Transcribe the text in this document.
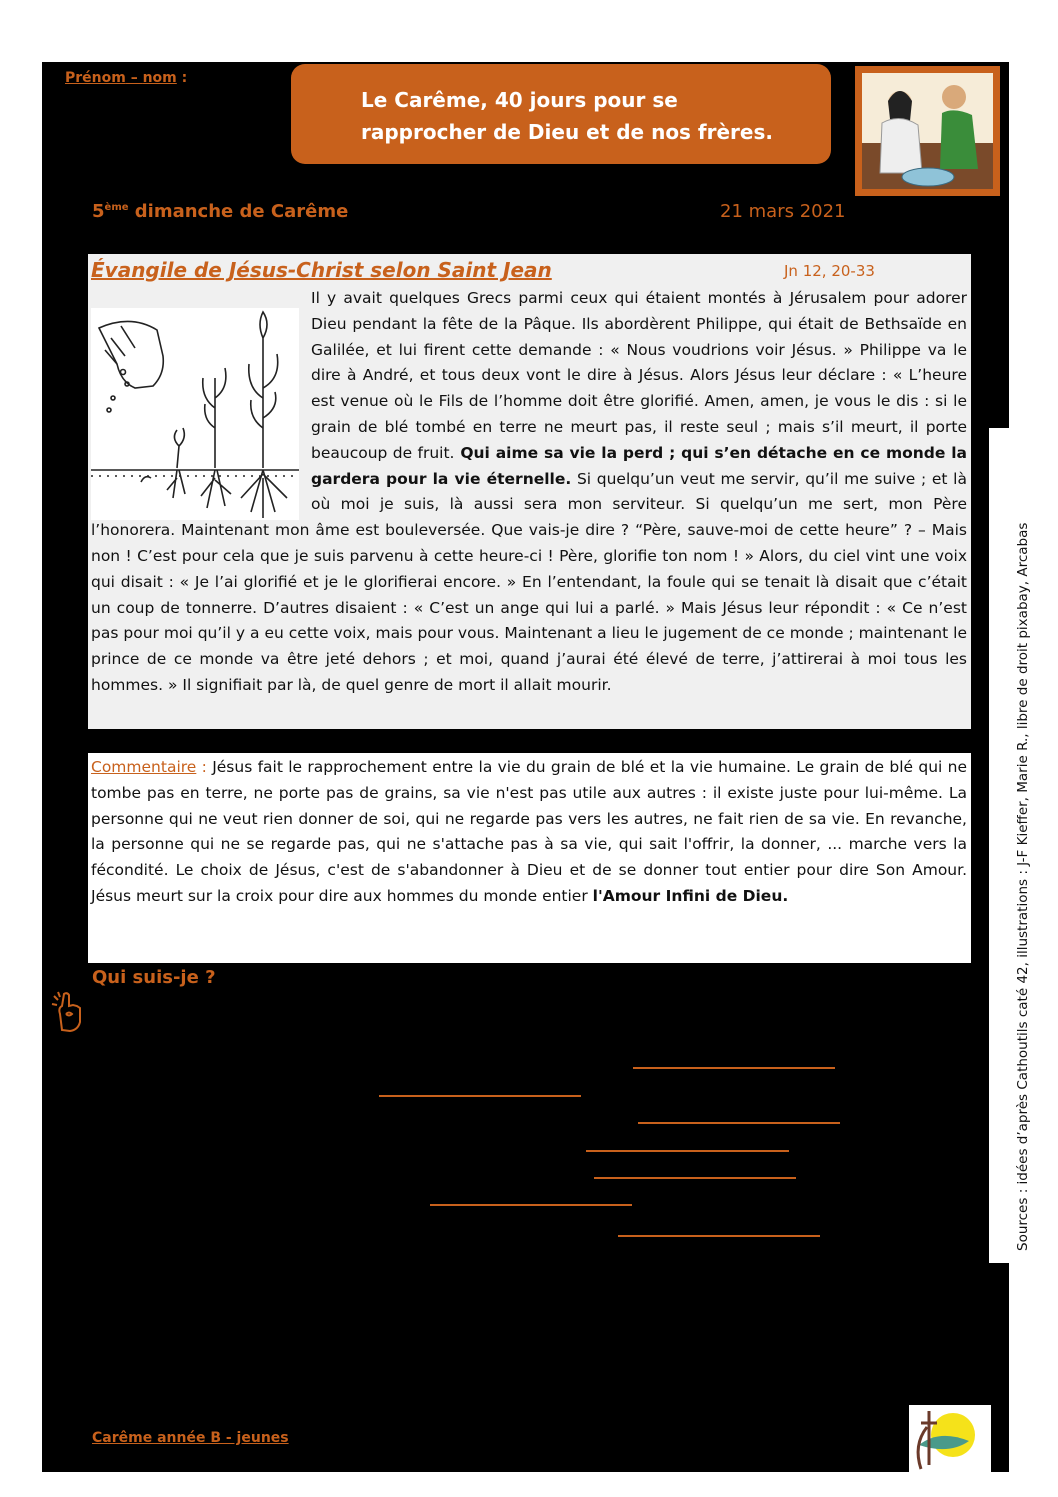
Prénom – nom :
Le Carême, 40 jours pour se
rapprocher de Dieu et de nos frères.
5ème dimanche de Carême	21 mars 2021
Évangile de Jésus-Christ selon Saint Jean	Jn 12, 20-33
Il y avait quelques Grecs parmi ceux qui étaient montés à Jérusalem pour adorer Dieu pendant la fête de la Pâque. Ils abordèrent Philippe, qui était de Bethsaïde en Galilée, et lui firent cette demande : « Nous voudrions voir Jésus. » Philippe va le dire à André, et tous deux vont le dire à Jésus. Alors Jésus leur déclare : « L’heure est venue où le Fils de l’homme doit être glorifié. Amen, amen, je vous le dis : si le grain de blé tombé en terre ne meurt pas, il reste seul ; mais s’il meurt, il porte beaucoup de fruit. Qui aime sa vie la perd ; qui s’en détache en ce monde la gardera pour la vie éternelle. Si quelqu’un veut me servir, qu’il me suive ; et là où moi je suis, là aussi sera mon serviteur. Si quelqu’un me sert, mon Père l’honorera. Maintenant mon âme est bouleversée. Que vais-je dire ? “Père, sauve-moi de cette heure” ? – Mais non ! C’est pour cela que je suis parvenu à cette heure-ci ! Père, glorifie ton nom ! » Alors, du ciel vint une voix qui disait : « Je l’ai glorifié et je le glorifierai encore. » En l’entendant, la foule qui se tenait là disait que c’était un coup de tonnerre. D’autres disaient : « C’est un ange qui lui a parlé. » Mais Jésus leur répondit : « Ce n’est pas pour moi qu’il y a eu cette voix, mais pour vous. Maintenant a lieu le jugement de ce monde ; maintenant le prince de ce monde va être jeté dehors ; et moi, quand j’aurai été élevé de terre, j’attirerai à moi tous les hommes. » Il signifiait par là, de quel genre de mort il allait mourir.
Commentaire : Jésus fait le rapprochement entre la vie du grain de blé et la vie humaine. Le grain de blé qui ne tombe pas en terre, ne porte pas de grains, sa vie n'est pas utile aux autres : il existe juste pour lui-même. La personne qui ne veut rien donner de soi, qui ne regarde pas vers les autres, ne fait rien de sa vie. En revanche, la personne qui ne se regarde pas, qui ne s'attache pas à sa vie, qui sait l'offrir, la donner, ... marche vers la fécondité. Le choix de Jésus, c'est de s'abandonner à Dieu et de se donner tout entier pour dire Son Amour. Jésus meurt sur la croix pour dire aux hommes du monde entier l'Amour Infini de Dieu.
Qui suis-je ?	Sources : idées d’après Cathoutils caté 42, illustrations : J-F Kieffer, Marie R., libre de droit pixabay, Arcabas
Carême année B - jeunes
